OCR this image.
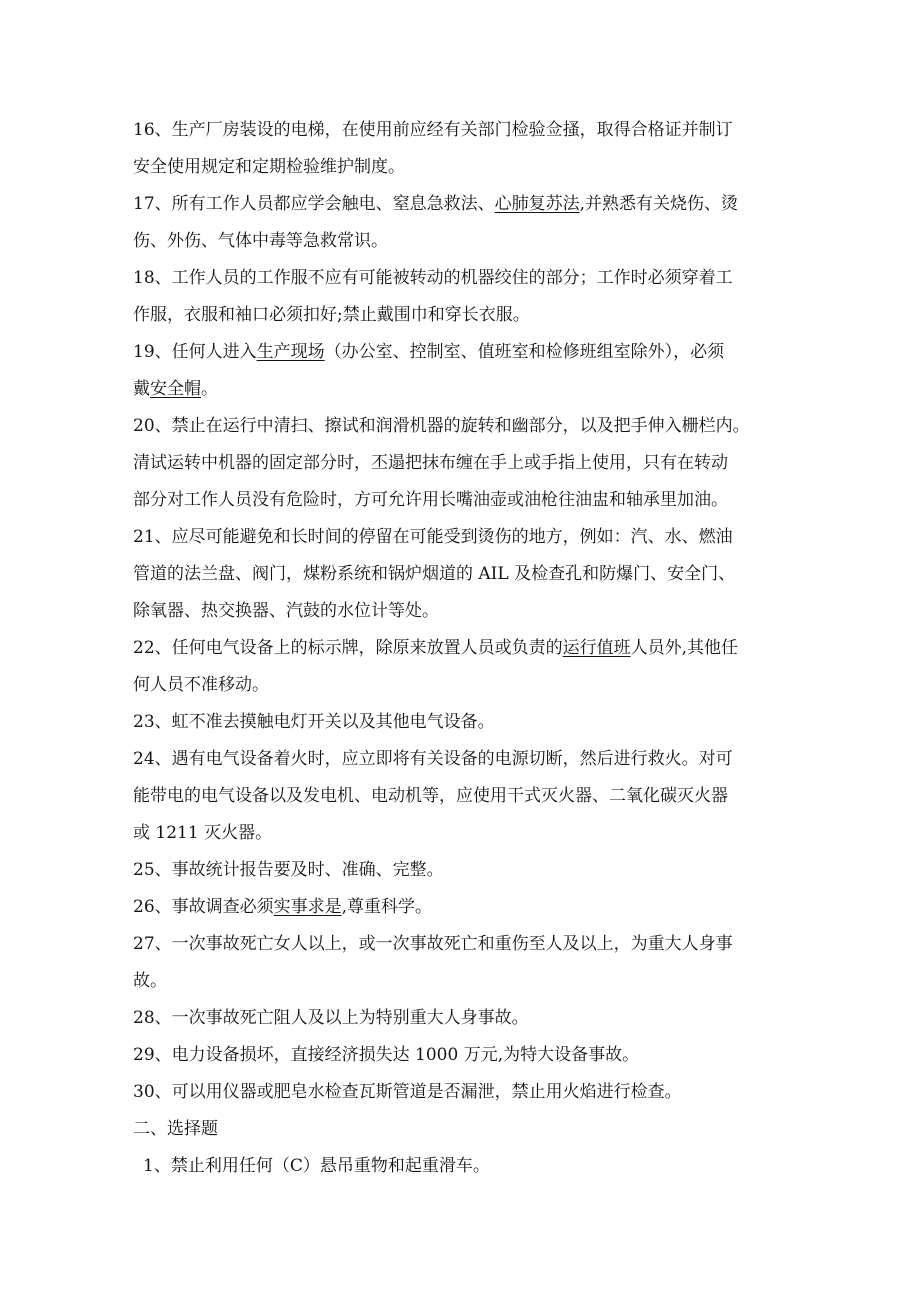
16、生产厂房装设的电梯，在使用前应经有关部门检验佥搔，取得合格证并制订
安全使用规定和定期检验维护制度。
17、所有工作人员都应学会触电、窒息急救法、心肺复苏法,并熟悉有关烧伤、烫
伤、外伤、气体中毒等急救常识。
18、工作人员的工作服不应有可能被转动的机器绞住的部分；工作时必须穿着工
作服，衣服和袖口必须扣好;禁止戴围巾和穿长衣服。
19、任何人进入生产现场（办公室、控制室、值班室和检修班组室除外），必须
戴安全帽。
20、禁止在运行中清扫、擦试和润滑机器的旋转和幽部分，以及把手伸入栅栏内。
清试运转中机器的固定部分时，丕遢把抹布缠在手上或手指上使用，只有在转动
部分对工作人员没有危险时，方可允许用长嘴油壶或油枪往油盅和轴承里加油。
21、应尽可能避免和长时间的停留在可能受到烫伤的地方，例如：汽、水、燃油
管道的法兰盘、阀门，煤粉系统和锅炉烟道的 AIL 及检查孔和防爆门、安全门、
除氧器、热交换器、汽鼓的水位计等处。
22、任何电气设备上的标示牌，除原来放置人员或负责的运行值班人员外,其他任
何人员不准移动。
23、虹不准去摸触电灯开关以及其他电气设备。
24、遇有电气设备着火时，应立即将有关设备的电源切断，然后进行救火。对可
能带电的电气设备以及发电机、电动机等，应使用干式灭火器、二氧化碳灭火器
或 1211 灭火器。
25、事故统计报告要及时、准确、完整。
26、事故调查必须实事求是,尊重科学。
27、一次事故死亡女人以上，或一次事故死亡和重伤至人及以上，为重大人身事
故。
28、一次事故死亡阻人及以上为特别重大人身事故。
29、电力设备损坏，直接经济损失达 1000 万元,为特大设备事故。
30、可以用仪器或肥皂水检查瓦斯管道是否漏泄，禁止用火焰进行检查。
二、选择题
1、禁止利用任何（C）悬吊重物和起重滑车。
